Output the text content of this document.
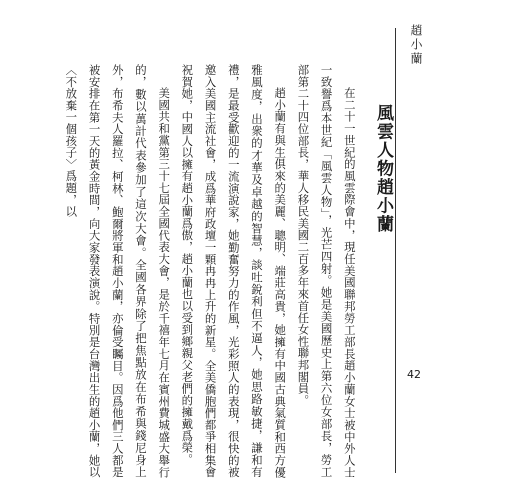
趙小蘭
42
風雲人物趙小蘭

在二十一世紀的風雲際會中，現任美國聯邦勞工部長趙小蘭女士被中外人士一致譽爲本世紀「風雲人物」，光芒四射。她是美國歷史上第六位女部長，勞工部第二十四位部長，華人移民美國二百多年來首任女性聯邦閣員。

趙小蘭有與生俱來的美麗、聰明、端莊高貴，她擁有中國古典氣質和西方優雅風度，出衆的才華及卓越的智慧，談吐銳利但不逼人，她思路敏捷，謙和有禮，是最受歡迎的一流演說家，她勤奮努力的作風，光彩照人的表現，很快的被邀入美國主流社會，成爲華府政壇一顆冉冉上升的新星。全美僑胞們都爭相集會祝賀她，中國人以擁有趙小蘭爲傲，趙小蘭也以受到鄉親父老們的擁戴爲榮。

美國共和黨第三十七屆全國代表大會，是於千禧年七月在賓州費城盛大舉行的，數以萬計代表參加了這次大會。全國各界除了把焦點放在布希與錢尼身上外，布希夫人羅拉、柯林、鮑爾將軍和趙小蘭，亦倫受矚目。因爲他們三人都是被安排在第一天的黃金時間，向大家發表演說。特別是台灣出生的趙小蘭，她以〈不放棄一個孩子〉爲題，以
